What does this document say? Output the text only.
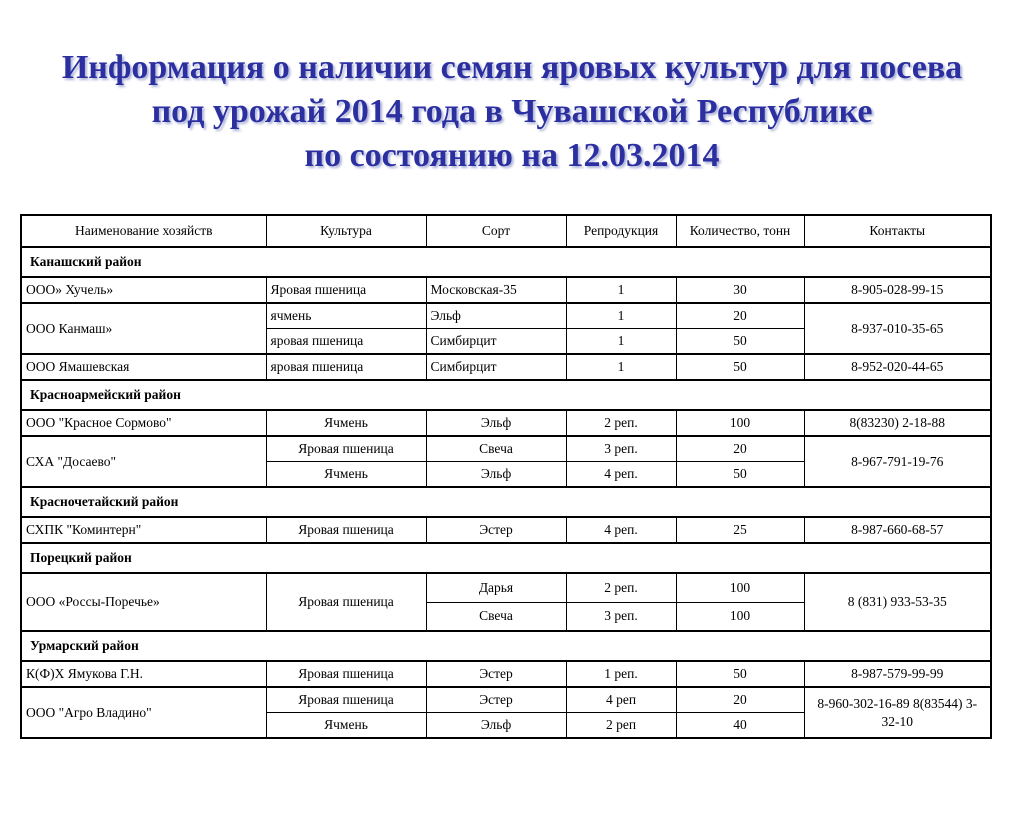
Информация о наличии семян яровых культур для посева
под урожай 2014 года в Чувашской Республике
по состоянию на 12.03.2014
Наименование хозяйств	Культура	Сорт	Репродукция	Количество, тонн	Контакты
Канашский район					
ООО» Хучель»	Яровая пшеница	Московская-35	1	30	8-905-028-99-15
ООО Канмаш»	ячмень	Эльф	1	20	8-937-010-35-65
	яровая пшеница	Симбирцит	1	50	
ООО Ямашевская	яровая пшеница	Симбирцит	1	50	8-952-020-44-65
Красноармейский район					
ООО "Красное Сормово"	Ячмень	Эльф	2 реп.	100	8(83230) 2-18-88
СХА "Досаево"	Яровая пшеница	Свеча	3 реп.	20	8-967-791-19-76
	Ячмень	Эльф	4 реп.	50	
Красночетайский район					
СХПК "Коминтерн"	Яровая пшеница	Эстер	4 реп.	25	8-987-660-68-57
Порецкий район					
ООО «Россы-Поречье»	Яровая пшеница	Дарья	2 реп.	100	8 (831) 933-53-35
		Свеча	3 реп.	100	
Урмарский район					
К(Ф)Х Ямукова Г.Н.	Яровая пшеница	Эстер	1 реп.	50	8-987-579-99-99
ООО "Агро Владино"	Яровая пшеница	Эстер	4 реп	20	8-960-302-16-89 8(83544) 3-32-10
	Ячмень	Эльф	2 реп	40	
